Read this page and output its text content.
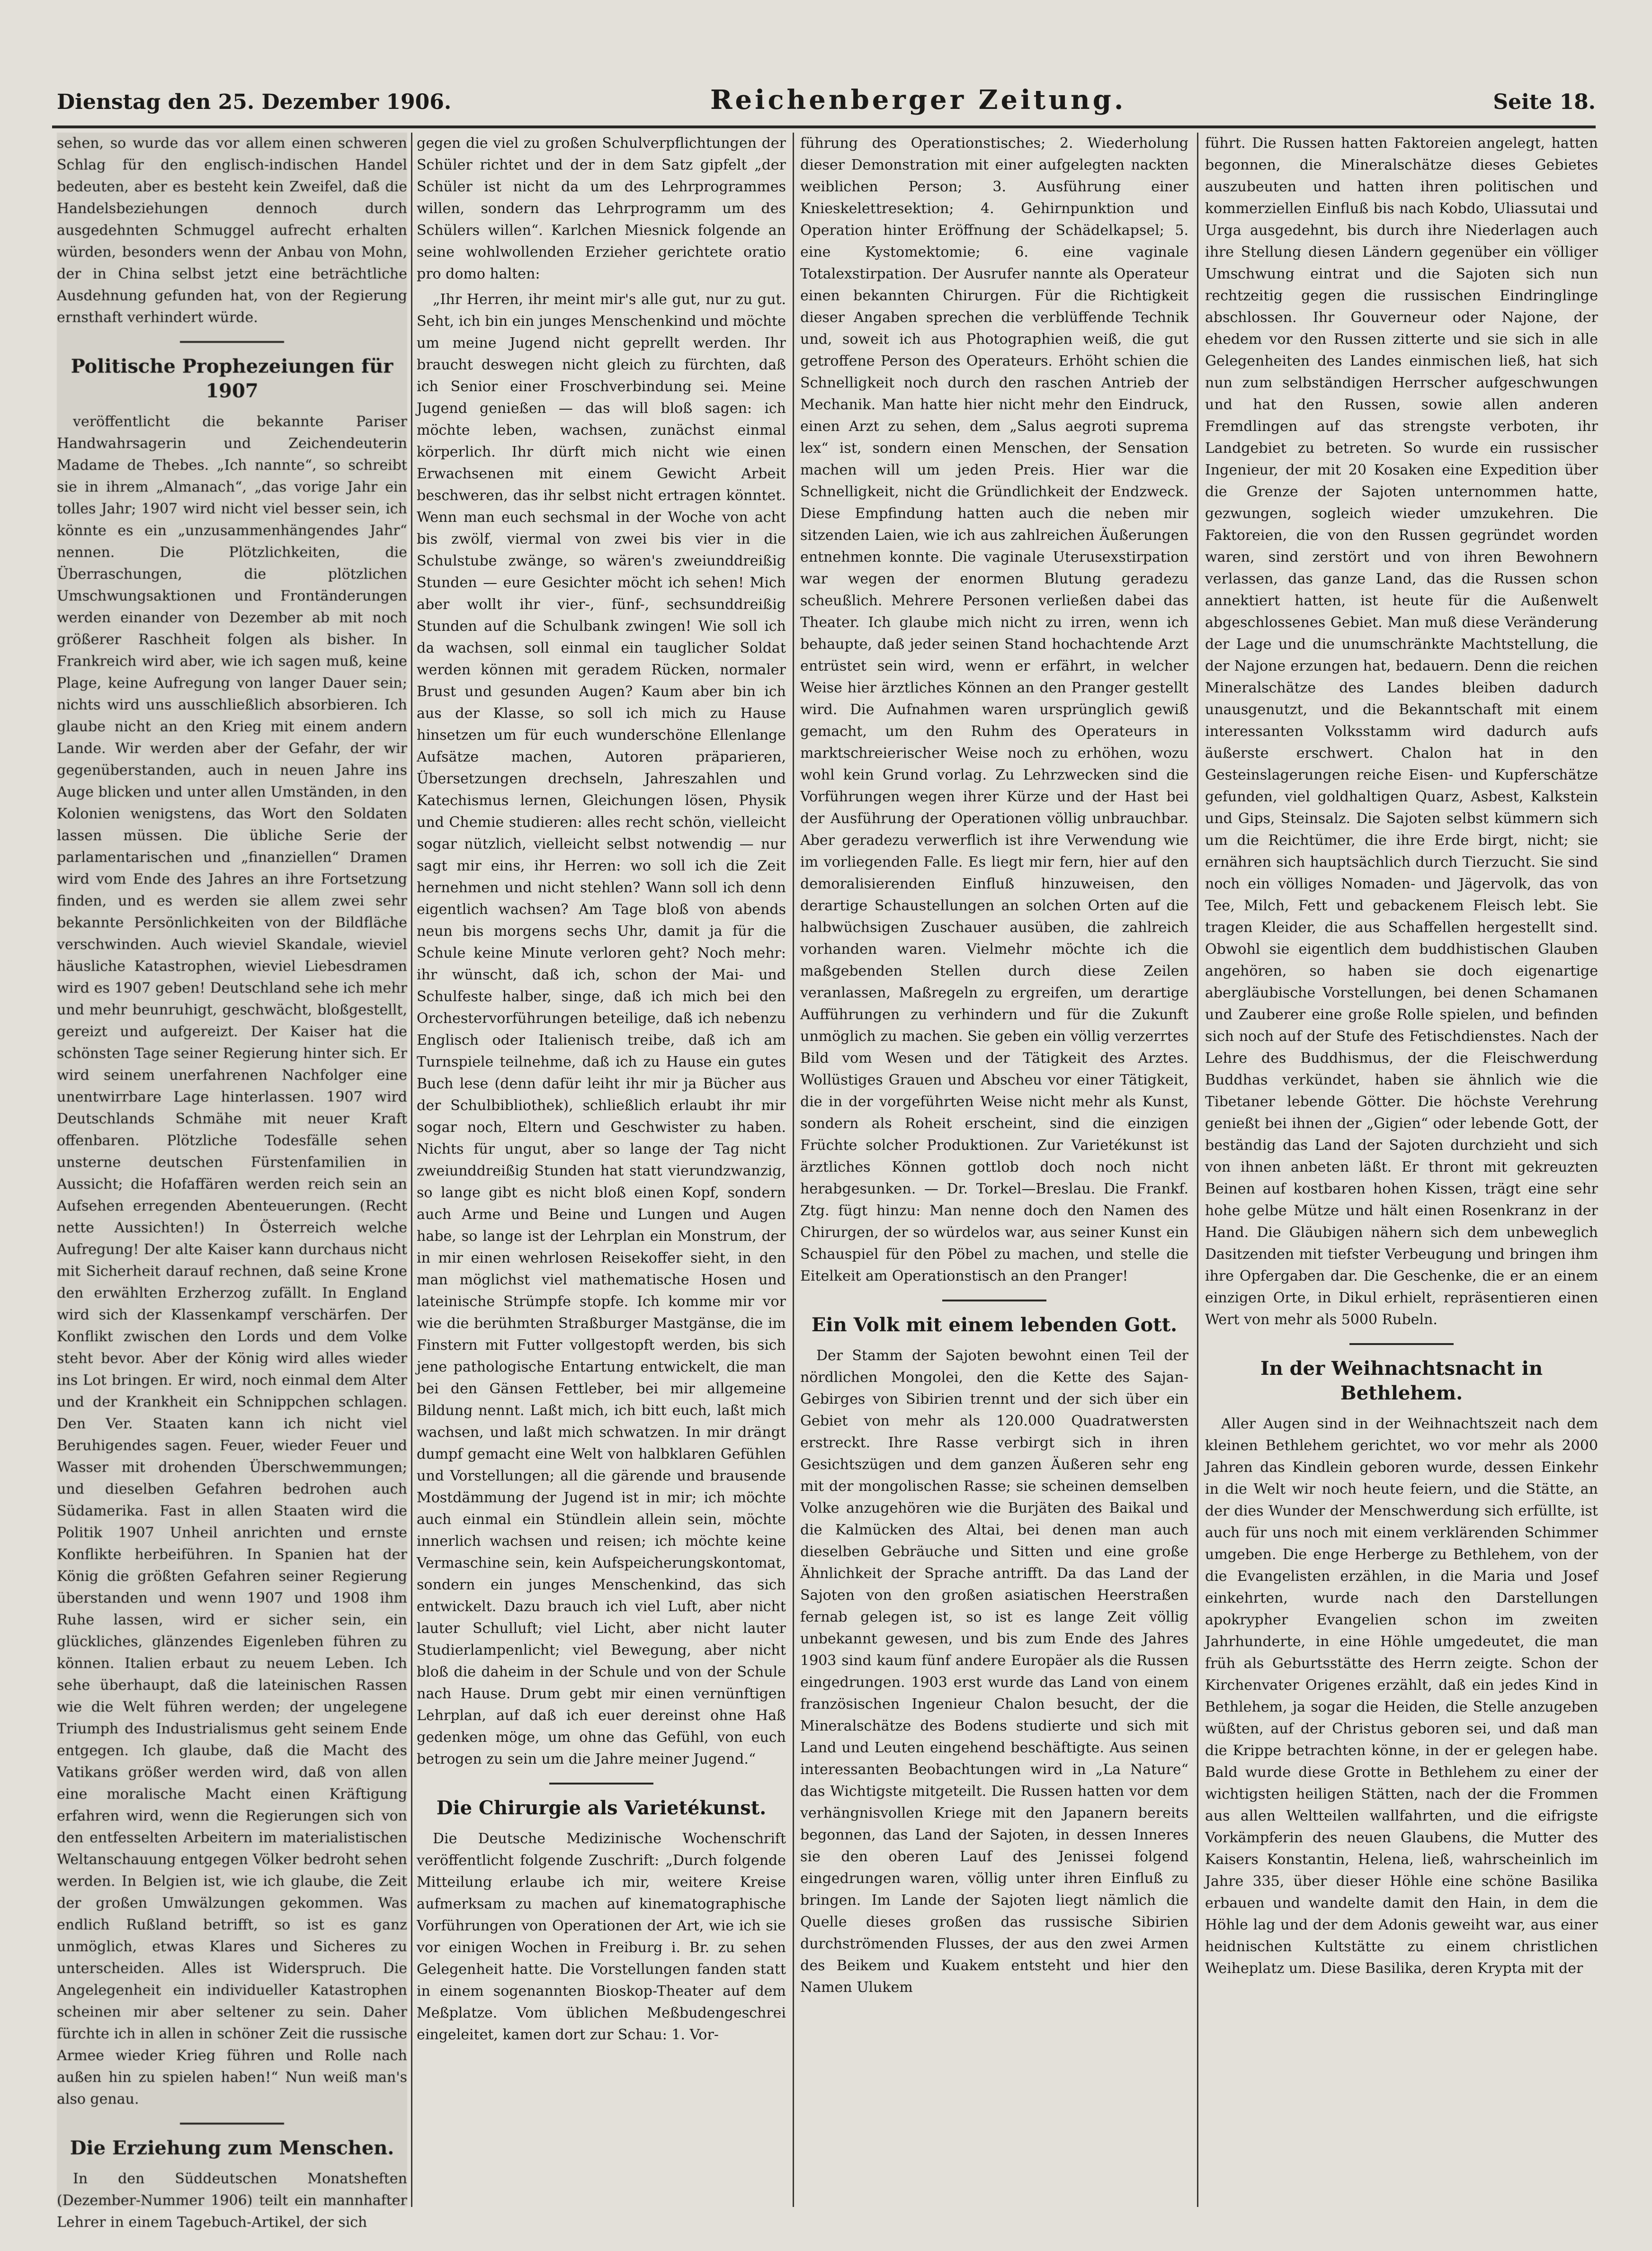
Dienstag den 25. Dezember 1906.	Reichenberger Zeitung.	Seite 18.

sehen, so wurde das vor allem einen schweren Schlag für den englisch-indischen Handel bedeuten, aber es besteht kein Zweifel, daß die Handelsbeziehungen dennoch durch ausgedehnten Schmuggel aufrecht erhalten würden, besonders wenn der Anbau von Mohn, der in China selbst jetzt eine beträchtliche Ausdehnung gefunden hat, von der Regierung ernsthaft verhindert würde.

Politische Prophezeiungen für 1907

veröffentlicht die bekannte Pariser Handwahrsagerin und Zeichendeuterin Madame de Thebes. „Ich nannte“, so schreibt sie in ihrem „Almanach“, „das vorige Jahr ein tolles Jahr; 1907 wird nicht viel besser sein, ich könnte es ein „unzusammenhängendes Jahr“ nennen. Die Plötzlichkeiten, die Überraschungen, die plötzlichen Umschwungsaktionen und Frontänderungen werden einander von Dezember ab mit noch größerer Raschheit folgen als bisher. In Frankreich wird aber, wie ich sagen muß, keine Plage, keine Aufregung von langer Dauer sein; nichts wird uns ausschließlich absorbieren. Ich glaube nicht an den Krieg mit einem andern Lande. Wir werden aber der Gefahr, der wir gegenüberstanden, auch in neuen Jahre ins Auge blicken und unter allen Umständen, in den Kolonien wenigstens, das Wort den Soldaten lassen müssen. Die übliche Serie der parlamentarischen und „finanziellen“ Dramen wird vom Ende des Jahres an ihre Fortsetzung finden, und es werden sie allem zwei sehr bekannte Persönlichkeiten von der Bildfläche verschwinden. Auch wieviel Skandale, wieviel häusliche Katastrophen, wieviel Liebesdramen wird es 1907 geben! Deutschland sehe ich mehr und mehr beunruhigt, geschwächt, bloßgestellt, gereizt und aufgereizt. Der Kaiser hat die schönsten Tage seiner Regierung hinter sich. Er wird seinem unerfahrenen Nachfolger eine unentwirrbare Lage hinterlassen. 1907 wird Deutschlands Schmähe mit neuer Kraft offenbaren. Plötzliche Todesfälle sehen unsterne deutschen Fürstenfamilien in Aussicht; die Hofaffären werden reich sein an Aufsehen erregenden Abenteuerungen. (Recht nette Aussichten!) In Österreich welche Aufregung! Der alte Kaiser kann durchaus nicht mit Sicherheit darauf rechnen, daß seine Krone den erwählten Erzherzog zufällt. In England wird sich der Klassenkampf verschärfen. Der Konflikt zwischen den Lords und dem Volke steht bevor. Aber der König wird alles wieder ins Lot bringen. Er wird, noch einmal dem Alter und der Krankheit ein Schnippchen schlagen. Den Ver. Staaten kann ich nicht viel Beruhigendes sagen. Feuer, wieder Feuer und Wasser mit drohenden Überschwemmungen; und dieselben Gefahren bedrohen auch Südamerika. Fast in allen Staaten wird die Politik 1907 Unheil anrichten und ernste Konflikte herbeiführen. In Spanien hat der König die größten Gefahren seiner Regierung überstanden und wenn 1907 und 1908 ihm Ruhe lassen, wird er sicher sein, ein glückliches, glänzendes Eigenleben führen zu können. Italien erbaut zu neuem Leben. Ich sehe überhaupt, daß die lateinischen Rassen wie die Welt führen werden; der ungelegene Triumph des Industrialismus geht seinem Ende entgegen. Ich glaube, daß die Macht des Vatikans größer werden wird, daß von allen eine moralische Macht einen Kräftigung erfahren wird, wenn die Regierungen sich von den entfesselten Arbeitern im materialistischen Weltanschauung entgegen Völker bedroht sehen werden. In Belgien ist, wie ich glaube, die Zeit der großen Umwälzungen gekommen. Was endlich Rußland betrifft, so ist es ganz unmöglich, etwas Klares und Sicheres zu unterscheiden. Alles ist Widerspruch. Die Angelegenheit ein individueller Katastrophen scheinen mir aber seltener zu sein. Daher fürchte ich in allen in schöner Zeit die russische Armee wieder Krieg führen und Rolle nach außen hin zu spielen haben!“ Nun weiß man's also genau.

Die Erziehung zum Menschen.

In den Süddeutschen Monatsheften (Dezember-Nummer 1906) teilt ein mannhafter Lehrer in einem Tagebuch-Artikel, der sich

gegen die viel zu großen Schulverpflichtungen der Schüler richtet und der in dem Satz gipfelt „der Schüler ist nicht da um des Lehrprogrammes willen, sondern das Lehrprogramm um des Schülers willen“. Karlchen Miesnick folgende an seine wohlwollenden Erzieher gerichtete oratio pro domo halten:

„Ihr Herren, ihr meint mir's alle gut, nur zu gut. Seht, ich bin ein junges Menschenkind und möchte um meine Jugend nicht geprellt werden. Ihr braucht deswegen nicht gleich zu fürchten, daß ich Senior einer Froschverbindung sei. Meine Jugend genießen — das will bloß sagen: ich möchte leben, wachsen, zunächst einmal körperlich. Ihr dürft mich nicht wie einen Erwachsenen mit einem Gewicht Arbeit beschweren, das ihr selbst nicht ertragen könntet. Wenn man euch sechsmal in der Woche von acht bis zwölf, viermal von zwei bis vier in die Schulstube zwänge, so wären's zweiunddreißig Stunden — eure Gesichter möcht ich sehen! Mich aber wollt ihr vier-, fünf-, sechsunddreißig Stunden auf die Schulbank zwingen! Wie soll ich da wachsen, soll einmal ein tauglicher Soldat werden können mit geradem Rücken, normaler Brust und gesunden Augen? Kaum aber bin ich aus der Klasse, so soll ich mich zu Hause hinsetzen um für euch wunderschöne Ellenlange Aufsätze machen, Autoren präparieren, Übersetzungen drechseln, Jahreszahlen und Katechismus lernen, Gleichungen lösen, Physik und Chemie studieren: alles recht schön, vielleicht sogar nützlich, vielleicht selbst notwendig — nur sagt mir eins, ihr Herren: wo soll ich die Zeit hernehmen und nicht stehlen? Wann soll ich denn eigentlich wachsen? Am Tage bloß von abends neun bis morgens sechs Uhr, damit ja für die Schule keine Minute verloren geht? Noch mehr: ihr wünscht, daß ich, schon der Mai- und Schulfeste halber, singe, daß ich mich bei den Orchestervorführungen beteilige, daß ich nebenzu Englisch oder Italienisch treibe, daß ich am Turnspiele teilnehme, daß ich zu Hause ein gutes Buch lese (denn dafür leiht ihr mir ja Bücher aus der Schulbibliothek), schließlich erlaubt ihr mir sogar noch, Eltern und Geschwister zu haben. Nichts für ungut, aber so lange der Tag nicht zweiunddreißig Stunden hat statt vierundzwanzig, so lange gibt es nicht bloß einen Kopf, sondern auch Arme und Beine und Lungen und Augen habe, so lange ist der Lehrplan ein Monstrum, der in mir einen wehrlosen Reisekoffer sieht, in den man möglichst viel mathematische Hosen und lateinische Strümpfe stopfe. Ich komme mir vor wie die berühmten Straßburger Mastgänse, die im Finstern mit Futter vollgestopft werden, bis sich jene pathologische Entartung entwickelt, die man bei den Gänsen Fettleber, bei mir allgemeine Bildung nennt. Laßt mich, ich bitt euch, laßt mich wachsen, und laßt mich schwatzen. In mir drängt dumpf gemacht eine Welt von halbklaren Gefühlen und Vorstellungen; all die gärende und brausende Mostdämmung der Jugend ist in mir; ich möchte auch einmal ein Stündlein allein sein, möchte innerlich wachsen und reisen; ich möchte keine Vermaschine sein, kein Aufspeicherungskontomat, sondern ein junges Menschenkind, das sich entwickelt. Dazu brauch ich viel Luft, aber nicht lauter Schulluft; viel Licht, aber nicht lauter Studierlampenlicht; viel Bewegung, aber nicht bloß die daheim in der Schule und von der Schule nach Hause. Drum gebt mir einen vernünftigen Lehrplan, auf daß ich euer dereinst ohne Haß gedenken möge, um ohne das Gefühl, von euch betrogen zu sein um die Jahre meiner Jugend.“

Die Chirurgie als Varietékunst.

Die Deutsche Medizinische Wochenschrift veröffentlicht folgende Zuschrift: „Durch folgende Mitteilung erlaube ich mir, weitere Kreise aufmerksam zu machen auf kinematographische Vorführungen von Operationen der Art, wie ich sie vor einigen Wochen in Freiburg i. Br. zu sehen Gelegenheit hatte. Die Vorstellungen fanden statt in einem sogenannten Bioskop-Theater auf dem Meßplatze. Vom üblichen Meßbudengeschrei eingeleitet, kamen dort zur Schau: 1. Vor-

führung des Operationstisches; 2. Wiederholung dieser Demonstration mit einer aufgelegten nackten weiblichen Person; 3. Ausführung einer Knieskelettresektion; 4. Gehirnpunktion und Operation hinter Eröffnung der Schädelkapsel; 5. eine Kystomektomie; 6. eine vaginale Totalexstirpation. Der Ausrufer nannte als Operateur einen bekannten Chirurgen. Für die Richtigkeit dieser Angaben sprechen die verblüffende Technik und, soweit ich aus Photographien weiß, die gut getroffene Person des Operateurs. Erhöht schien die Schnelligkeit noch durch den raschen Antrieb der Mechanik. Man hatte hier nicht mehr den Eindruck, einen Arzt zu sehen, dem „Salus aegroti suprema lex“ ist, sondern einen Menschen, der Sensation machen will um jeden Preis. Hier war die Schnelligkeit, nicht die Gründlichkeit der Endzweck. Diese Empfindung hatten auch die neben mir sitzenden Laien, wie ich aus zahlreichen Äußerungen entnehmen konnte. Die vaginale Uterusexstirpation war wegen der enormen Blutung geradezu scheußlich. Mehrere Personen verließen dabei das Theater. Ich glaube mich nicht zu irren, wenn ich behaupte, daß jeder seinen Stand hochachtende Arzt entrüstet sein wird, wenn er erfährt, in welcher Weise hier ärztliches Können an den Pranger gestellt wird. Die Aufnahmen waren ursprünglich gewiß gemacht, um den Ruhm des Operateurs in marktschreierischer Weise noch zu erhöhen, wozu wohl kein Grund vorlag. Zu Lehrzwecken sind die Vorführungen wegen ihrer Kürze und der Hast bei der Ausführung der Operationen völlig unbrauchbar. Aber geradezu verwerflich ist ihre Verwendung wie im vorliegenden Falle. Es liegt mir fern, hier auf den demoralisierenden Einfluß hinzuweisen, den derartige Schaustellungen an solchen Orten auf die halbwüchsigen Zuschauer ausüben, die zahlreich vorhanden waren. Vielmehr möchte ich die maßgebenden Stellen durch diese Zeilen veranlassen, Maßregeln zu ergreifen, um derartige Aufführungen zu verhindern und für die Zukunft unmöglich zu machen. Sie geben ein völlig verzerrtes Bild vom Wesen und der Tätigkeit des Arztes. Wollüstiges Grauen und Abscheu vor einer Tätigkeit, die in der vorgeführten Weise nicht mehr als Kunst, sondern als Roheit erscheint, sind die einzigen Früchte solcher Produktionen. Zur Varietékunst ist ärztliches Können gottlob doch noch nicht herabgesunken. — Dr. Torkel—Breslau. Die Frankf. Ztg. fügt hinzu: Man nenne doch den Namen des Chirurgen, der so würdelos war, aus seiner Kunst ein Schauspiel für den Pöbel zu machen, und stelle die Eitelkeit am Operationstisch an den Pranger!

Ein Volk mit einem lebenden Gott.

Der Stamm der Sajoten bewohnt einen Teil der nördlichen Mongolei, den die Kette des Sajan-Gebirges von Sibirien trennt und der sich über ein Gebiet von mehr als 120.000 Quadratwersten erstreckt. Ihre Rasse verbirgt sich in ihren Gesichtszügen und dem ganzen Äußeren sehr eng mit der mongolischen Rasse; sie scheinen demselben Volke anzugehören wie die Burjäten des Baikal und die Kalmücken des Altai, bei denen man auch dieselben Gebräuche und Sitten und eine große Ähnlichkeit der Sprache antrifft. Da das Land der Sajoten von den großen asiatischen Heerstraßen fernab gelegen ist, so ist es lange Zeit völlig unbekannt gewesen, und bis zum Ende des Jahres 1903 sind kaum fünf andere Europäer als die Russen eingedrungen. 1903 erst wurde das Land von einem französischen Ingenieur Chalon besucht, der die Mineralschätze des Bodens studierte und sich mit Land und Leuten eingehend beschäftigte. Aus seinen interessanten Beobachtungen wird in „La Nature“ das Wichtigste mitgeteilt. Die Russen hatten vor dem verhängnisvollen Kriege mit den Japanern bereits begonnen, das Land der Sajoten, in dessen Inneres sie den oberen Lauf des Jenissei folgend eingedrungen waren, völlig unter ihren Einfluß zu bringen. Im Lande der Sajoten liegt nämlich die Quelle dieses großen das russische Sibirien durchströmenden Flusses, der aus den zwei Armen des Beikem und Kuakem entsteht und hier den Namen Ulukem

führt. Die Russen hatten Faktoreien angelegt, hatten begonnen, die Mineralschätze dieses Gebietes auszubeuten und hatten ihren politischen und kommerziellen Einfluß bis nach Kobdo, Uliassutai und Urga ausgedehnt, bis durch ihre Niederlagen auch ihre Stellung diesen Ländern gegenüber ein völliger Umschwung eintrat und die Sajoten sich nun rechtzeitig gegen die russischen Eindringlinge abschlossen. Ihr Gouverneur oder Najone, der ehedem vor den Russen zitterte und sie sich in alle Gelegenheiten des Landes einmischen ließ, hat sich nun zum selbständigen Herrscher aufgeschwungen und hat den Russen, sowie allen anderen Fremdlingen auf das strengste verboten, ihr Landgebiet zu betreten. So wurde ein russischer Ingenieur, der mit 20 Kosaken eine Expedition über die Grenze der Sajoten unternommen hatte, gezwungen, sogleich wieder umzukehren. Die Faktoreien, die von den Russen gegründet worden waren, sind zerstört und von ihren Bewohnern verlassen, das ganze Land, das die Russen schon annektiert hatten, ist heute für die Außenwelt abgeschlossenes Gebiet. Man muß diese Veränderung der Lage und die unumschränkte Machtstellung, die der Najone erzungen hat, bedauern. Denn die reichen Mineralschätze des Landes bleiben dadurch unausgenutzt, und die Bekanntschaft mit einem interessanten Volksstamm wird dadurch aufs äußerste erschwert. Chalon hat in den Gesteinslagerungen reiche Eisen- und Kupferschätze gefunden, viel goldhaltigen Quarz, Asbest, Kalkstein und Gips, Steinsalz. Die Sajoten selbst kümmern sich um die Reichtümer, die ihre Erde birgt, nicht; sie ernähren sich hauptsächlich durch Tierzucht. Sie sind noch ein völliges Nomaden- und Jägervolk, das von Tee, Milch, Fett und gebackenem Fleisch lebt. Sie tragen Kleider, die aus Schaffellen hergestellt sind. Obwohl sie eigentlich dem buddhistischen Glauben angehören, so haben sie doch eigenartige abergläubische Vorstellungen, bei denen Schamanen und Zauberer eine große Rolle spielen, und befinden sich noch auf der Stufe des Fetischdienstes. Nach der Lehre des Buddhismus, der die Fleischwerdung Buddhas verkündet, haben sie ähnlich wie die Tibetaner lebende Götter. Die höchste Verehrung genießt bei ihnen der „Gigien“ oder lebende Gott, der beständig das Land der Sajoten durchzieht und sich von ihnen anbeten läßt. Er thront mit gekreuzten Beinen auf kostbaren hohen Kissen, trägt eine sehr hohe gelbe Mütze und hält einen Rosenkranz in der Hand. Die Gläubigen nähern sich dem unbeweglich Dasitzenden mit tiefster Verbeugung und bringen ihm ihre Opfergaben dar. Die Geschenke, die er an einem einzigen Orte, in Dikul erhielt, repräsentieren einen Wert von mehr als 5000 Rubeln.

In der Weihnachtsnacht in Bethlehem.

Aller Augen sind in der Weihnachtszeit nach dem kleinen Bethlehem gerichtet, wo vor mehr als 2000 Jahren das Kindlein geboren wurde, dessen Einkehr in die Welt wir noch heute feiern, und die Stätte, an der dies Wunder der Menschwerdung sich erfüllte, ist auch für uns noch mit einem verklärenden Schimmer umgeben. Die enge Herberge zu Bethlehem, von der die Evangelisten erzählen, in die Maria und Josef einkehrten, wurde nach den Darstellungen apokrypher Evangelien schon im zweiten Jahrhunderte, in eine Höhle umgedeutet, die man früh als Geburtsstätte des Herrn zeigte. Schon der Kirchenvater Origenes erzählt, daß ein jedes Kind in Bethlehem, ja sogar die Heiden, die Stelle anzugeben wüßten, auf der Christus geboren sei, und daß man die Krippe betrachten könne, in der er gelegen habe. Bald wurde diese Grotte in Bethlehem zu einer der wichtigsten heiligen Stätten, nach der die Frommen aus allen Weltteilen wallfahrten, und die eifrigste Vorkämpferin des neuen Glaubens, die Mutter des Kaisers Konstantin, Helena, ließ, wahrscheinlich im Jahre 335, über dieser Höhle eine schöne Basilika erbauen und wandelte damit den Hain, in dem die Höhle lag und der dem Adonis geweiht war, aus einer heidnischen Kultstätte zu einem christlichen Weiheplatz um. Diese Basilika, deren Krypta mit der
